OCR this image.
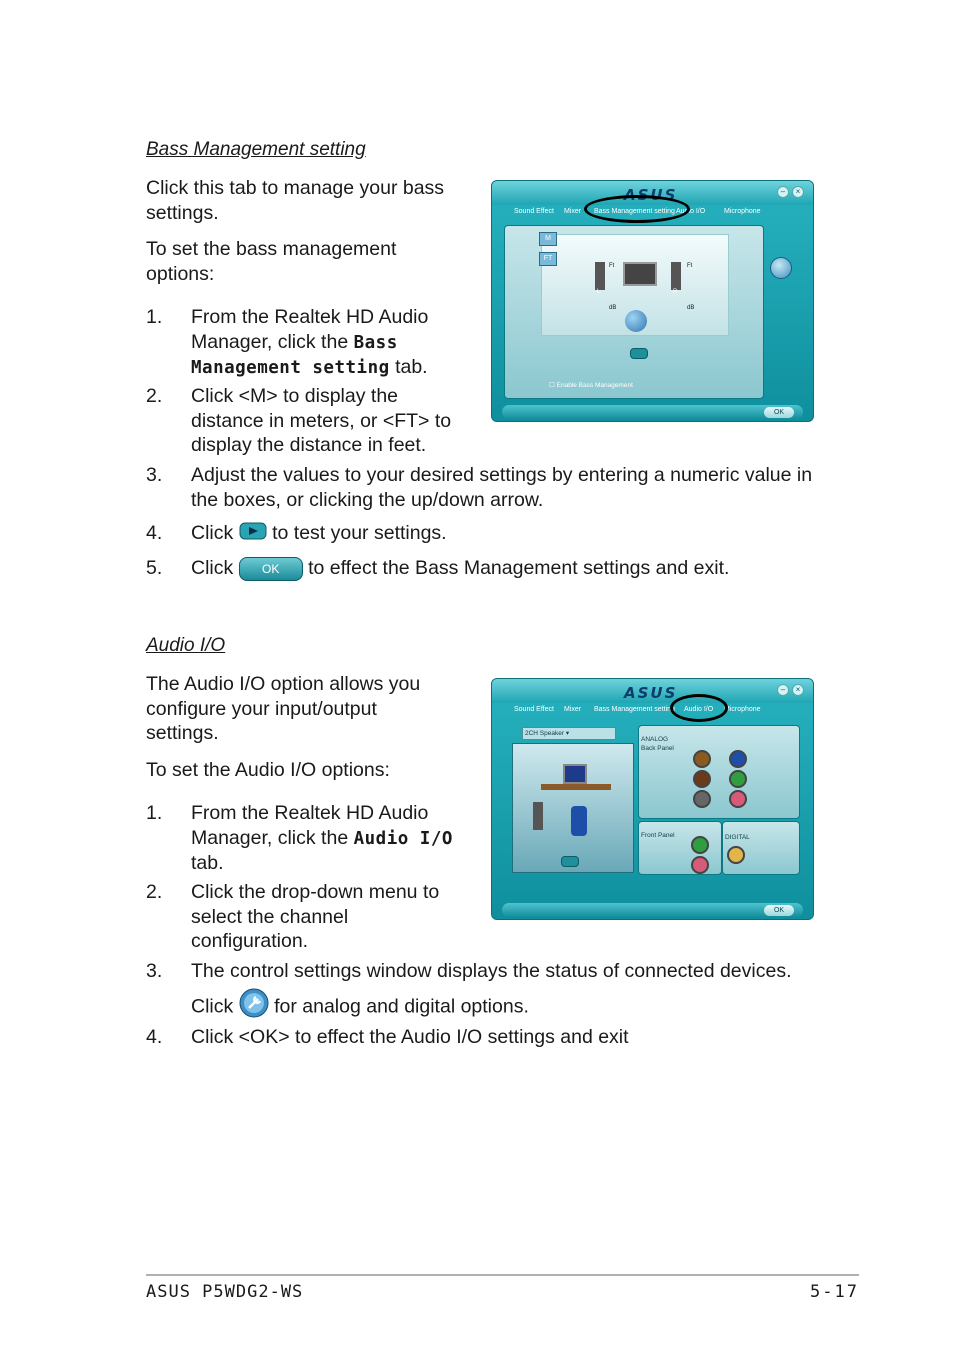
Bass Management setting
Click this tab to manage your bass settings.
To set the bass management options:
1. From the Realtek HD Audio Manager, click the Bass Management setting tab.
2. Click <M> to display the distance in meters, or <FT> to display the distance in feet.
3. Adjust the values to your desired settings by entering a numeric value in the boxes, or clicking the up/down arrow.
4. Click to test your settings.
5. Click OK to effect the Bass Management settings and exit.
ASUS	–	×
Sound Effect Mixer Bass Management setting Audio I/O	Microphone
M
FT
Ft	Ft
dB	dB
L	R
☐ Enable Bass Management
OK
Audio I/O
The Audio I/O option allows you configure your input/output settings.
To set the Audio I/O options:
1. From the Realtek HD Audio Manager, click the Audio I/O
tab.
2. Click the drop-down menu to select the channel configuration.
3. The control settings window displays the status of connected devices.
Click for analog and digital options.
4. Click <OK> to effect the Audio I/O settings and exit
ASUS	–	×
Sound Effect Mixer Bass Management setting Audio I/O Microphone
2CH Speaker ▾
ANALOG
Back Panel
Front Panel	DIGITAL
OK
ASUS P5WDG2-WS	5-17
